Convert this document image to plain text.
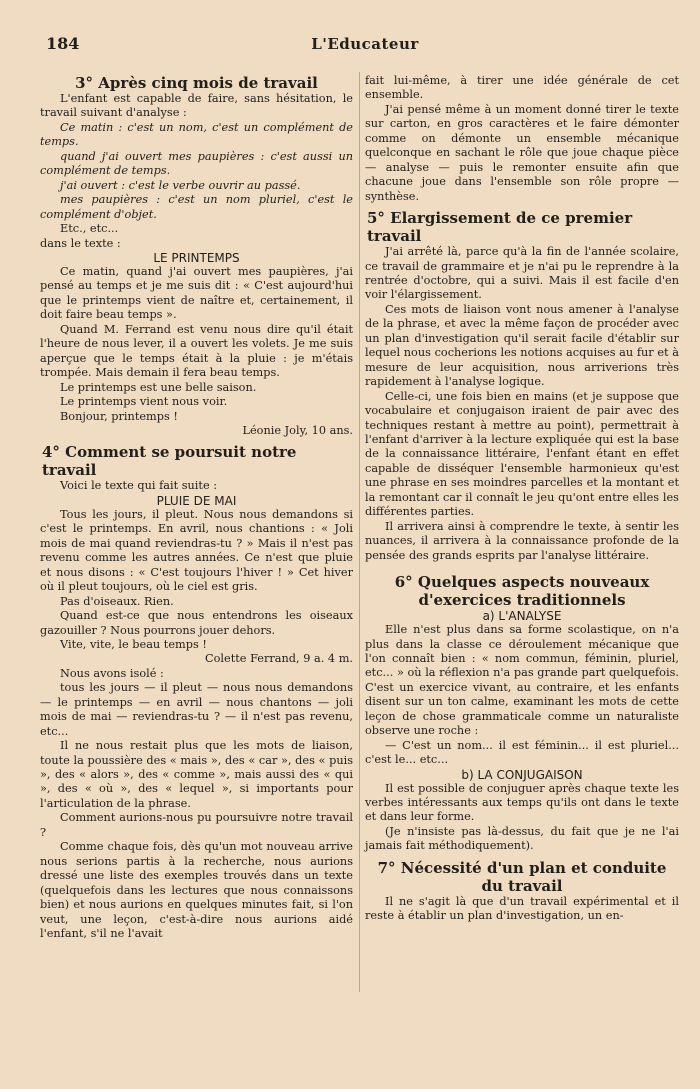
184	L'Educateur

3° Après cinq mois de travail

L'enfant est capable de faire, sans hésitation, le travail suivant d'analyse :

Ce matin : c'est un nom, c'est un complément de temps.

quand j'ai ouvert mes paupières : c'est aussi un complément de temps.

j'ai ouvert : c'est le verbe ouvrir au passé.

mes paupières : c'est un nom pluriel, c'est le complément d'objet.

Etc., etc...

dans le texte :

LE PRINTEMPS

Ce matin, quand j'ai ouvert mes paupières, j'ai pensé au temps et je me suis dit : « C'est aujourd'hui que le printemps vient de naître et, certainement, il doit faire beau temps ».

Quand M. Ferrand est venu nous dire qu'il était l'heure de nous lever, il a ouvert les volets. Je me suis aperçue que le temps était à la pluie : je m'étais trompée. Mais demain il fera beau temps.

Le printemps est une belle saison.

Le printemps vient nous voir.

Bonjour, printemps !

Léonie Joly, 10 ans.

4° Comment se poursuit notre travail

Voici le texte qui fait suite :

PLUIE DE MAI

Tous les jours, il pleut. Nous nous demandons si c'est le printemps. En avril, nous chantions : « Joli mois de mai quand reviendras-tu ? » Mais il n'est pas revenu comme les autres années. Ce n'est que pluie et nous disons : « C'est toujours l'hiver ! » Cet hiver où il pleut toujours, où le ciel est gris.

Pas d'oiseaux. Rien.

Quand est-ce que nous entendrons les oiseaux gazouiller ? Nous pourrons jouer dehors.

Vite, vite, le beau temps !

Colette Ferrand, 9 a. 4 m.

Nous avons isolé :

tous les jours — il pleut — nous nous demandons — le printemps — en avril — nous chantons — joli mois de mai — reviendras-tu ? — il n'est pas revenu, etc...

Il ne nous restait plus que les mots de liaison, toute la poussière des « mais », des « car », des « puis », des « alors », des « comme », mais aussi des « qui », des « où », des « lequel », si importants pour l'articulation de la phrase.

Comment aurions-nous pu poursuivre notre travail ?

Comme chaque fois, dès qu'un mot nouveau arrive nous serions partis à la recherche, nous aurions dressé une liste des exemples trouvés dans un texte (quelquefois dans les lectures que nous connaissons bien) et nous aurions en quelques minutes fait, si l'on veut, une leçon, c'est-à-dire nous aurions aidé l'enfant, s'il ne l'avait

fait lui-même, à tirer une idée générale de cet ensemble.

J'ai pensé même à un moment donné tirer le texte sur carton, en gros caractères et le faire démonter comme on démonte un ensemble mécanique quelconque en sachant le rôle que joue chaque pièce — analyse — puis le remonter ensuite afin que chacune joue dans l'ensemble son rôle propre — synthèse.

5° Elargissement de ce premier travail

J'ai arrêté là, parce qu'à la fin de l'année scolaire, ce travail de grammaire et je n'ai pu le reprendre à la rentrée d'octobre, qui a suivi. Mais il est facile d'en voir l'élargissement.

Ces mots de liaison vont nous amener à l'analyse de la phrase, et avec la même façon de procéder avec un plan d'investigation qu'il serait facile d'établir sur lequel nous cocherions les notions acquises au fur et à mesure de leur acquisition, nous arriverions très rapidement à l'analyse logique.

Celle-ci, une fois bien en mains (et je suppose que vocabulaire et conjugaison iraient de pair avec des techniques restant à mettre au point), permettrait à l'enfant d'arriver à la lecture expliquée qui est la base de la connaissance littéraire, l'enfant étant en effet capable de disséquer l'ensemble harmonieux qu'est une phrase en ses moindres parcelles et la montant et la remontant car il connaît le jeu qu'ont entre elles les différentes parties.

Il arrivera ainsi à comprendre le texte, à sentir les nuances, il arrivera à la connaissance profonde de la pensée des grands esprits par l'analyse littéraire.

6° Quelques aspects nouveaux d'exercices traditionnels

a) L'ANALYSE

Elle n'est plus dans sa forme scolastique, on n'a plus dans la classe ce déroulement mécanique que l'on connaît bien : « nom commun, féminin, pluriel, etc... » où la réflexion n'a pas grande part quelquefois. C'est un exercice vivant, au contraire, et les enfants disent sur un ton calme, examinant les mots de cette leçon de chose grammaticale comme un naturaliste observe une roche :

— C'est un nom... il est féminin... il est pluriel... c'est le... etc...

b) LA CONJUGAISON

Il est possible de conjuguer après chaque texte les verbes intéressants aux temps qu'ils ont dans le texte et dans leur forme.

(Je n'insiste pas là-dessus, du fait que je ne l'ai jamais fait méthodiquement).

7° Nécessité d'un plan et conduite du travail

Il ne s'agit là que d'un travail expérimental et il reste à établir un plan d'investigation, un en-
